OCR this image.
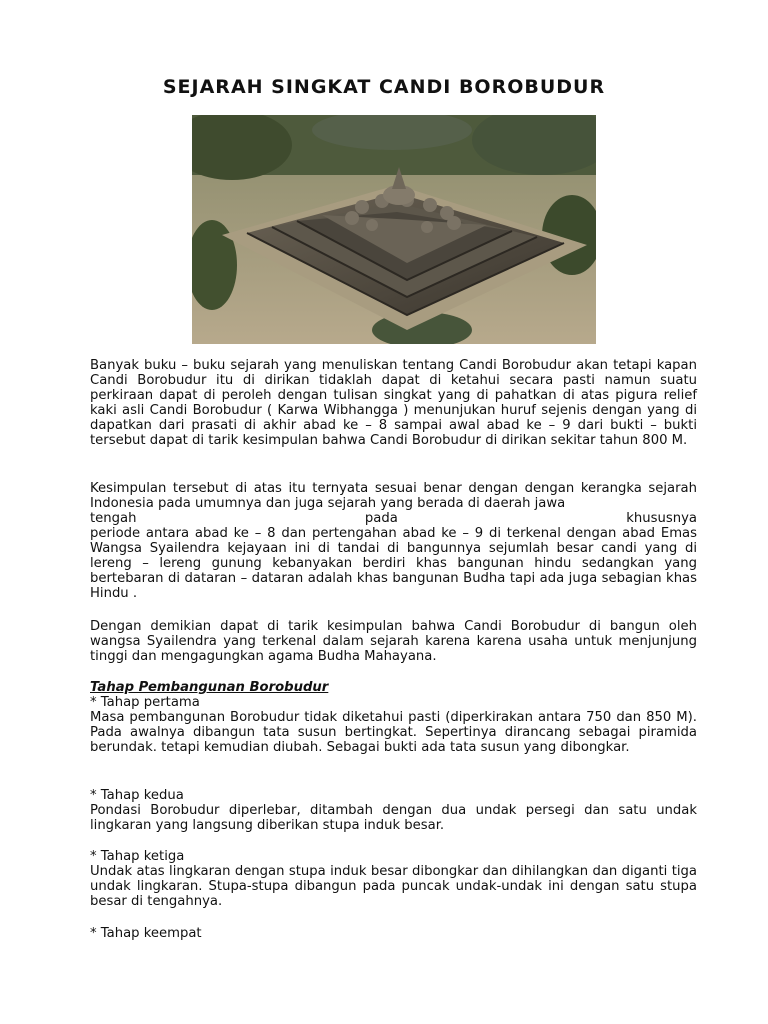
SEJARAH SINGKAT CANDI BOROBUDUR

Banyak buku – buku sejarah yang menuliskan tentang Candi Borobudur akan tetapi kapan Candi Borobudur itu di dirikan tidaklah dapat di ketahui secara pasti namun suatu perkiraan dapat di peroleh dengan tulisan singkat yang di pahatkan di atas pigura relief kaki asli Candi Borobudur ( Karwa Wibhangga ) menunjukan huruf sejenis dengan yang di dapatkan dari prasati di akhir abad ke – 8 sampai awal abad ke – 9 dari bukti – bukti tersebut dapat di tarik kesimpulan bahwa Candi Borobudur di dirikan sekitar tahun 800 M.

Kesimpulan tersebut di atas itu ternyata sesuai benar dengan dengan kerangka sejarah Indonesia pada umumnya dan juga sejarah yang berada di daerah jawa
tengah	pada	khususnya
periode antara abad ke – 8 dan pertengahan abad ke – 9 di terkenal dengan abad Emas Wangsa Syailendra kejayaan ini di tandai di bangunnya sejumlah besar candi yang di lereng – lereng gunung kebanyakan berdiri khas bangunan hindu sedangkan yang bertebaran di dataran – dataran adalah khas bangunan Budha tapi ada juga sebagian khas Hindu .

Dengan demikian dapat di tarik kesimpulan bahwa Candi Borobudur di bangun oleh wangsa Syailendra yang terkenal dalam sejarah karena karena usaha untuk menjunjung tinggi dan mengagungkan agama Budha Mahayana.

Tahap Pembangunan Borobudur
* Tahap pertama
Masa pembangunan Borobudur tidak diketahui pasti (diperkirakan antara 750 dan 850 M). Pada awalnya dibangun tata susun bertingkat. Sepertinya dirancang sebagai piramida berundak. tetapi kemudian diubah. Sebagai bukti ada tata susun yang dibongkar.
* Tahap kedua
Pondasi Borobudur diperlebar, ditambah dengan dua undak persegi dan satu undak lingkaran yang langsung diberikan stupa induk besar.
* Tahap ketiga
Undak atas lingkaran dengan stupa induk besar dibongkar dan dihilangkan dan diganti tiga undak lingkaran. Stupa-stupa dibangun pada puncak undak-undak ini dengan satu stupa besar di tengahnya.
* Tahap keempat
